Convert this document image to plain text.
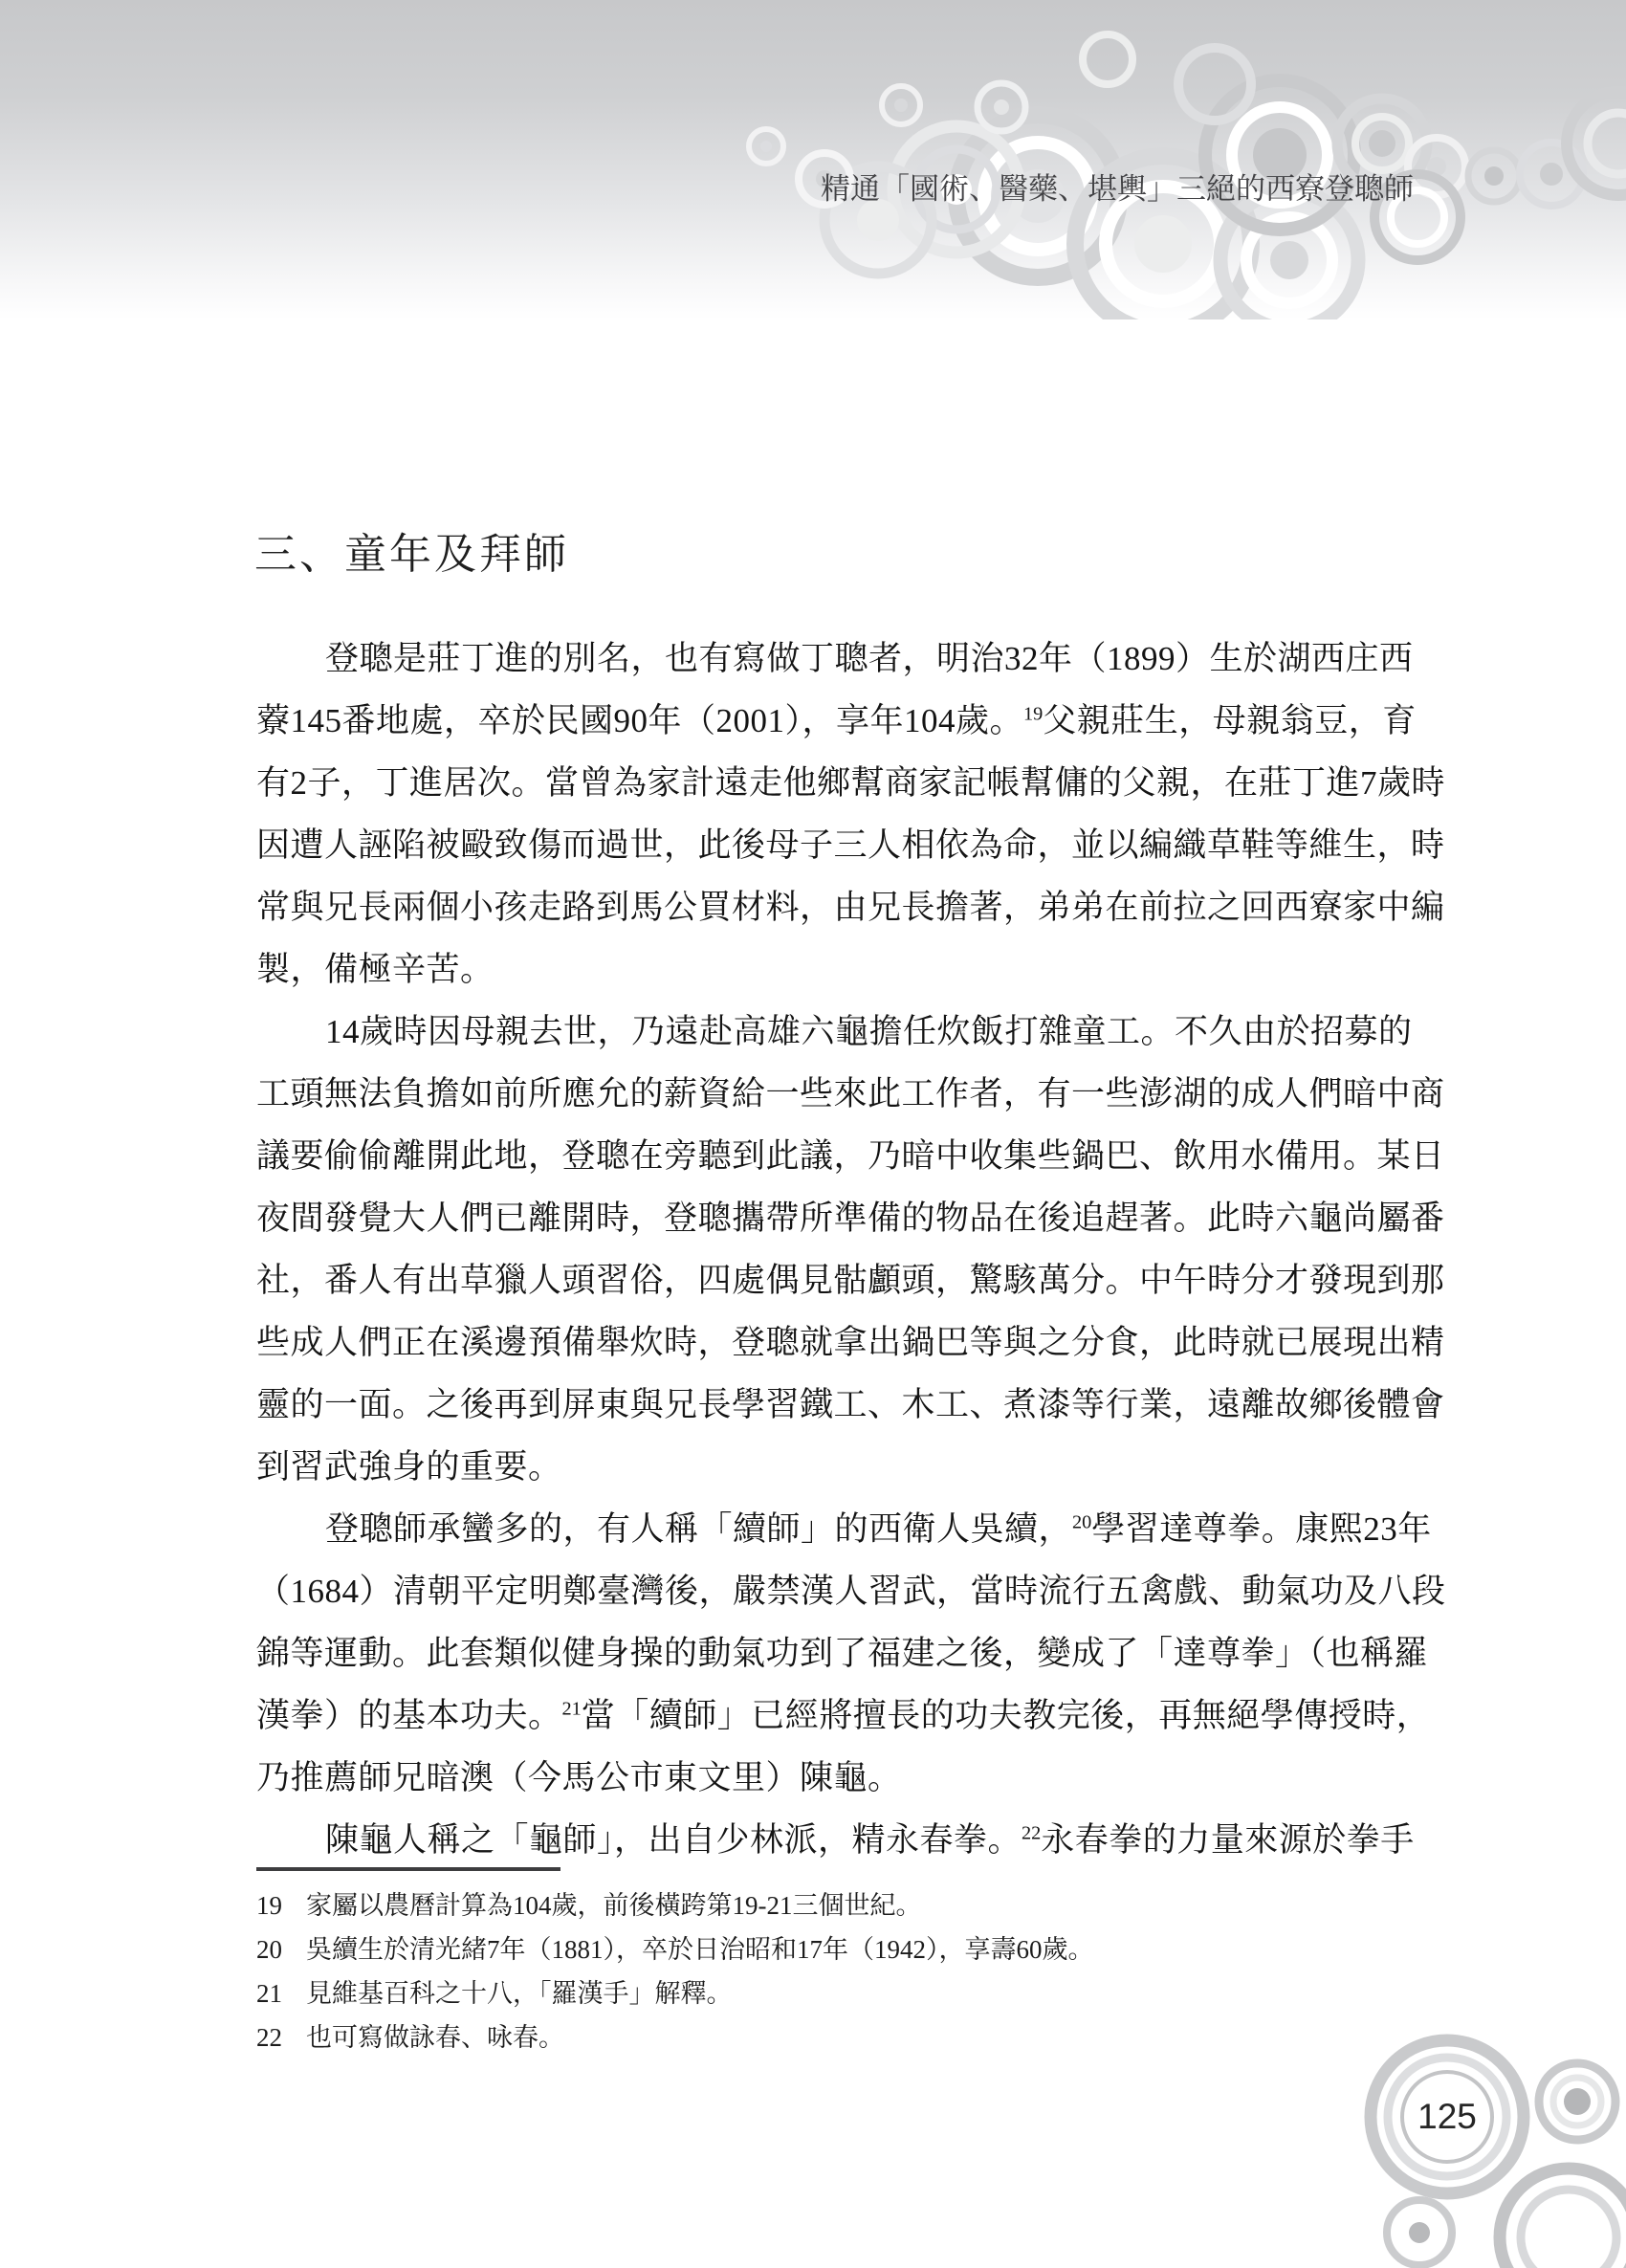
精通「國術、醫藥、堪輿」三絕的西寮登聰師
三、童年及拜師
登聰是莊丁進的別名，也有寫做丁聰者，明治32年（1899）生於湖西庄西
藔145番地處，卒於民國90年（2001），享年104歲。$^{19}$父親莊生，母親翁豆，育
有2子，丁進居次。當曾為家計遠走他鄉幫商家記帳幫傭的父親，在莊丁進7歲時
因遭人誣陷被毆致傷而過世，此後母子三人相依為命，並以編織草鞋等維生，時
常與兄長兩個小孩走路到馬公買材料，由兄長擔著，弟弟在前拉之回西寮家中編
製，備極辛苦。
14歲時因母親去世，乃遠赴高雄六龜擔任炊飯打雜童工。不久由於招募的
工頭無法負擔如前所應允的薪資給一些來此工作者，有一些澎湖的成人們暗中商
議要偷偷離開此地，登聰在旁聽到此議，乃暗中收集些鍋巴、飲用水備用。某日
夜間發覺大人們已離開時，登聰攜帶所準備的物品在後追趕著。此時六龜尚屬番
社，番人有出草獵人頭習俗，四處偶見骷顱頭，驚駭萬分。中午時分才發現到那
些成人們正在溪邊預備舉炊時，登聰就拿出鍋巴等與之分食，此時就已展現出精
靈的一面。之後再到屏東與兄長學習鐵工、木工、煮漆等行業，遠離故鄉後體會
到習武強身的重要。
登聰師承蠻多的，有人稱「續師」的西衛人吳續，$^{20}$學習達尊拳。康熙23年
（1684）清朝平定明鄭臺灣後，嚴禁漢人習武，當時流行五禽戲、動氣功及八段
錦等運動。此套類似健身操的動氣功到了福建之後，變成了「達尊拳」（也稱羅
漢拳）的基本功夫。$^{21}$當「續師」已經將擅長的功夫教完後，再無絕學傳授時，
乃推薦師兄暗澳（今馬公市東文里）陳龜。
陳龜人稱之「龜師」，出自少林派，精永春拳。$^{22}$永春拳的力量來源於拳手
19 家屬以農曆計算為104歲，前後橫跨第19-21三個世紀。
20 吳續生於清光緒7年（1881），卒於日治昭和17年（1942），享壽60歲。
21 見維基百科之十八，「羅漢手」解釋。
22 也可寫做詠春、咏春。
125
